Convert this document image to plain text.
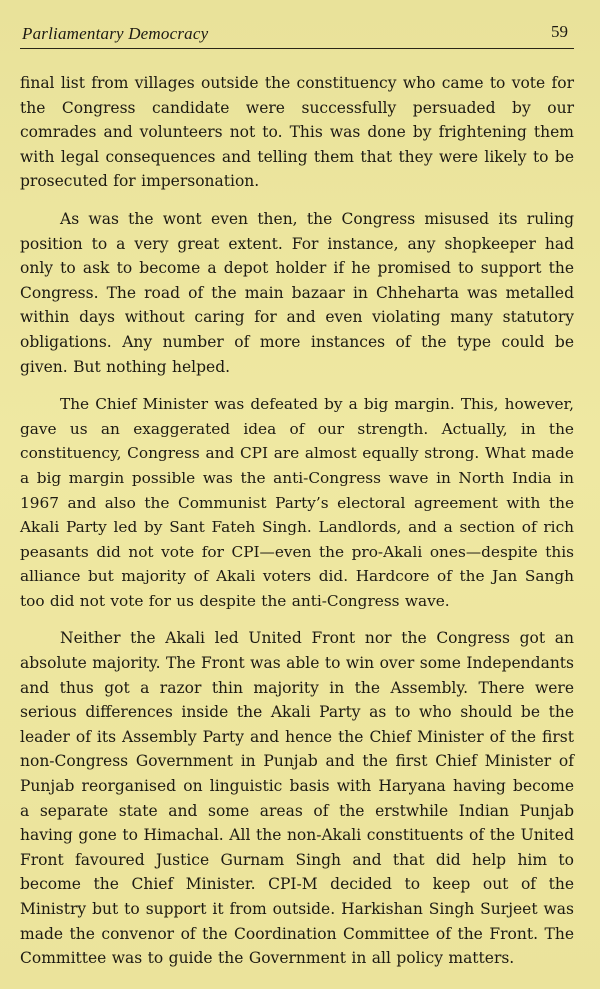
Parliamentary Democracy	59

final list from villages outside the constituency who came to vote for the Congress candidate were successfully persuaded by our comrades and volunteers not to. This was done by frightening them with legal consequences and telling them that they were likely to be prosecuted for impersonation.

As was the wont even then, the Congress misused its ruling position to a very great extent. For instance, any shopkeeper had only to ask to become a depot holder if he promised to support the Congress. The road of the main bazaar in Chheharta was metalled within days without caring for and even violating many statutory obligations. Any number of more instances of the type could be given. But nothing helped.

The Chief Minister was defeated by a big margin. This, however, gave us an exaggerated idea of our strength. Actually, in the constituency, Congress and CPI are almost equally strong. What made a big margin possible was the anti-Congress wave in North India in 1967 and also the Communist Party’s electoral agreement with the Akali Party led by Sant Fateh Singh. Landlords, and a section of rich peasants did not vote for CPI—even the pro-Akali ones—despite this alliance but majority of Akali voters did. Hardcore of the Jan Sangh too did not vote for us despite the anti-Congress wave.

Neither the Akali led United Front nor the Congress got an absolute majority. The Front was able to win over some Independants and thus got a razor thin majority in the Assembly. There were serious differences inside the Akali Party as to who should be the leader of its Assembly Party and hence the Chief Minister of the first non-Congress Government in Punjab and the first Chief Minister of Punjab reorganised on linguistic basis with Haryana having become a separate state and some areas of the erstwhile Indian Punjab having gone to Himachal. All the non-Akali constituents of the United Front favoured Justice Gurnam Singh and that did help him to become the Chief Minister. CPI-M decided to keep out of the Ministry but to support it from outside. Harkishan Singh Surjeet was made the convenor of the Coordination Committee of the Front. The Committee was to guide the Government in all policy matters.
